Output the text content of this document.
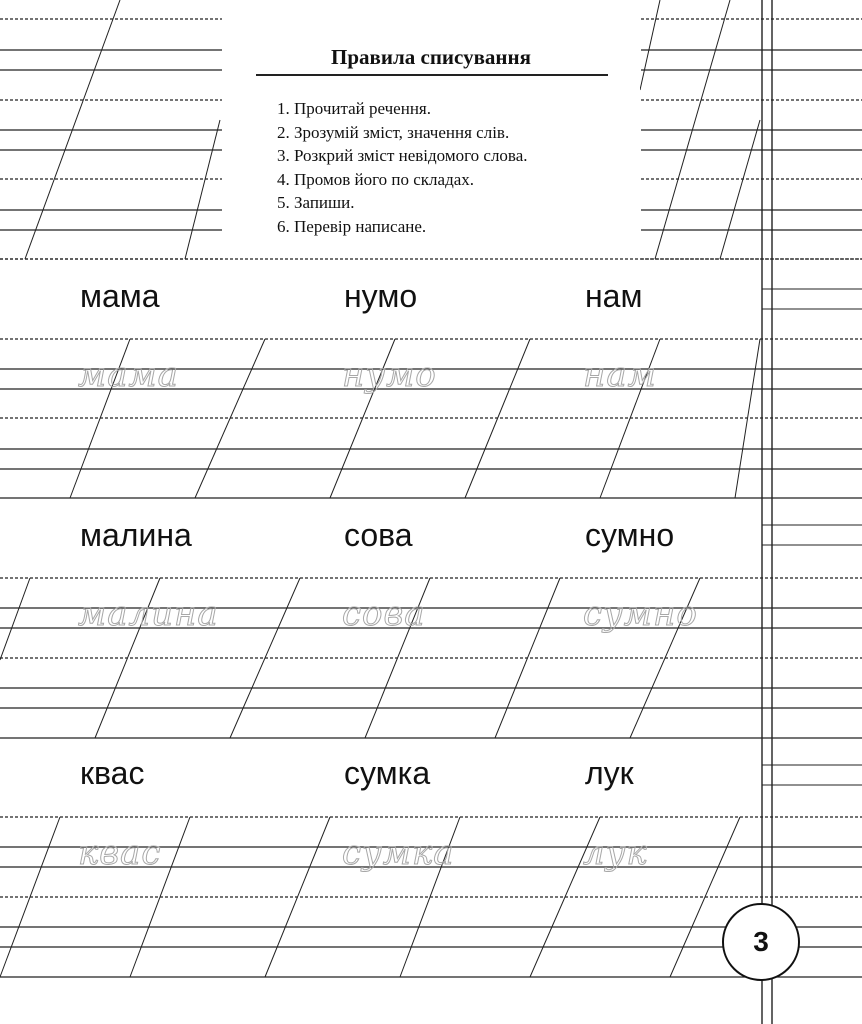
Правила списування
1. Прочитай речення.
2. Зрозумій зміст, значення слів.
3. Розкрий зміст невідомого слова.
4. Промов його по складах.
5. Запиши.
6. Перевір написане.
мама	нумо	нам
мама	нумо	нам
малина	сова	сумно
малина	сова	сумно
квас	сумка	лук
квас	сумка	лук
3
